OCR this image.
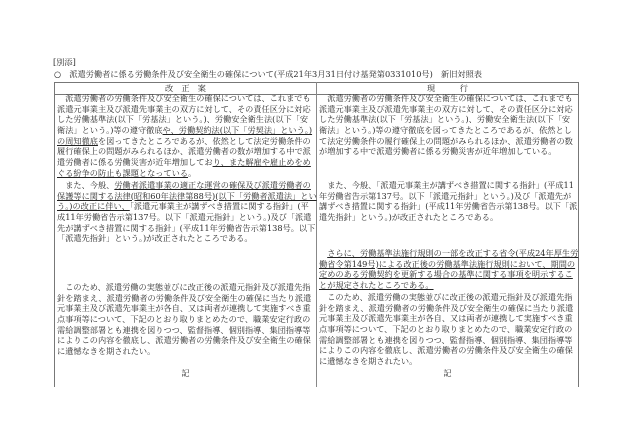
[別添]
○　派遣労働者に係る労働条件及び安全衛生の確保について(平成21年3月31日付け基発第0331010号)　新旧対照表
改　正　案	現　　　行
　派遣労働者の労働条件及び安全衛生の確保については、これまでも
派遣元事業主及び派遣先事業主の双方に対して、その責任区分に対応
した労働基準法(以下「労基法」という。)、労働安全衛生法(以下「安
衛法」という。)等の遵守徹底や、労働契約法(以下「労契法」という。)
の周知徹底を図ってきたところであるが、依然として法定労働条件の
履行確保上の問題がみられるほか、派遣労働者の数が増加する中で派
遣労働者に係る労働災害が近年増加しており、また解雇や雇止めをめ
ぐる紛争の防止も課題となっている。
　また、今般、労働者派遣事業の適正な運営の確保及び派遣労働者の
保護等に関する法律(昭和60年法律第88号)(以下「労働者派遣法」とい
う。)の改正に伴い、「派遣元事業主が講ずべき措置に関する指針」(平
成11年労働省告示第137号。以下「派遣元指針」という。)及び「派遣
先が講ずべき措置に関する指針」(平成11年労働省告示第138号。以下
「派遣先指針」という。)が改正されたところである。
　このため、派遣労働の実態並びに改正後の派遣元指針及び派遣先指
針を踏まえ、派遣労働者の労働条件及び安全衛生の確保に当たり派遣
元事業主及び派遣先事業主が各自、又は両者が連携して実施すべき重
点事項等について、下記のとおり取りまとめたので、職業安定行政の
需給調整部署とも連携を図りつつ、監督指導、個別指導、集団指導等
によりこの内容を徹底し、派遣労働者の労働条件及び安全衛生の確保
に遺憾なきを期されたい。
　派遣労働者の労働条件及び安全衛生の確保については、これまでも
派遣元事業主及び派遣先事業主の双方に対して、その責任区分に対応
した労働基準法(以下「労基法」という。)、労働安全衛生法(以下「安
衛法」という。)等の遵守徹底を図ってきたところであるが、依然とし
て法定労働条件の履行確保上の問題がみられるほか、派遣労働者の数
が増加する中で派遣労働者に係る労働災害が近年増加している。
　また、今般、「派遣元事業主が講ずべき措置に関する指針」(平成11
年労働省告示第137号。以下「派遣元指針」という。)及び「派遣先が
講ずべき措置に関する指針」(平成11年労働省告示第138号。以下「派
遣先指針」という。)が改正されたところである。
　さらに、労働基準法施行規則の一部を改正する省令(平成24年厚生労
働省令第149号)による改正後の労働基準法施行規則において、期間の
定めのある労働契約を更新する場合の基準に関する事項を明示するこ
とが規定されたところである。
　このため、派遣労働の実態並びに改正後の派遣元指針及び派遣先指
針を踏まえ、派遣労働者の労働条件及び安全衛生の確保に当たり派遣
元事業主及び派遣先事業主が各自、又は両者が連携して実施すべき重
点事項等について、下記のとおり取りまとめたので、職業安定行政の
需給調整部署とも連携を図りつつ、監督指導、個別指導、集団指導等
によりこの内容を徹底し、派遣労働者の労働条件及び安全衛生の確保
に遺憾なきを期されたい。
記	記
